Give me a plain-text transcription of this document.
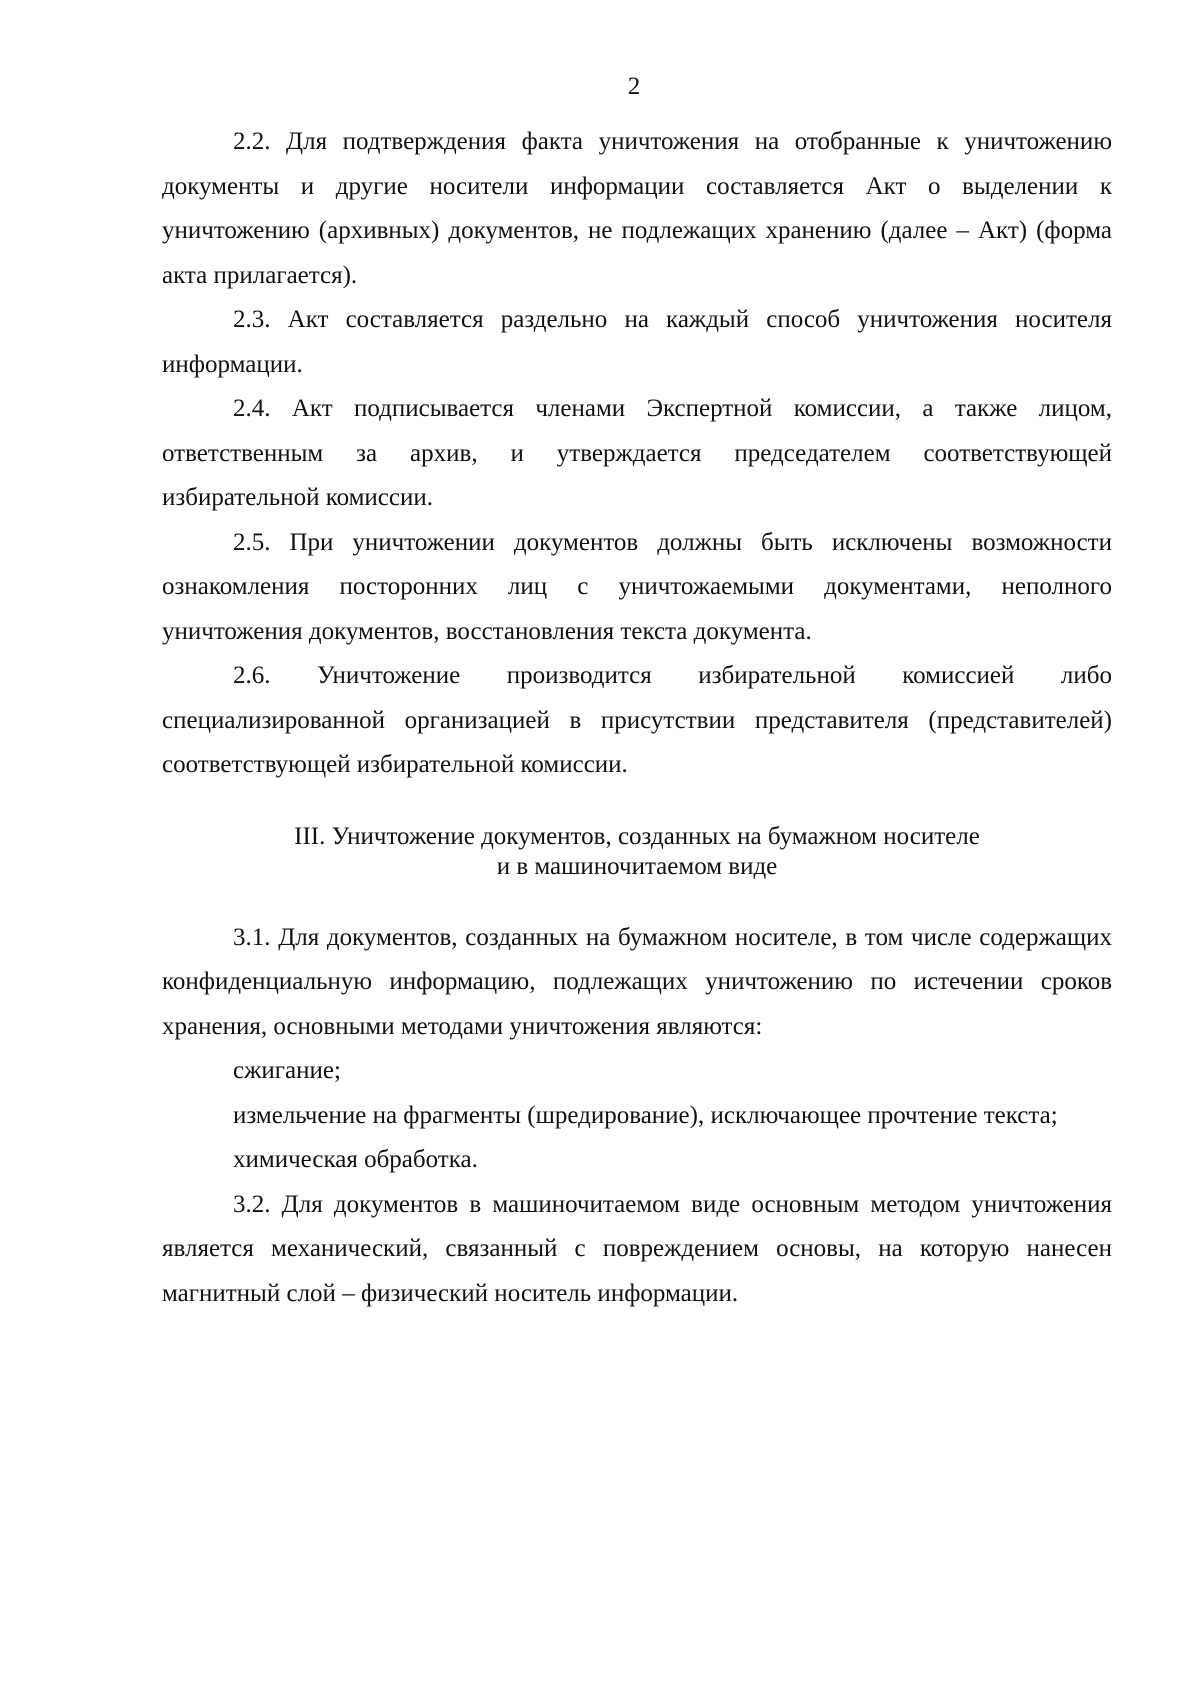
2

2.2. Для подтверждения факта уничтожения на отобранные к уничтожению документы и другие носители информации составляется Акт о выделении к уничтожению (архивных) документов, не подлежащих хранению (далее – Акт) (форма акта прилагается).

2.3. Акт составляется раздельно на каждый способ уничтожения носителя информации.

2.4. Акт подписывается членами Экспертной комиссии, а также лицом, ответственным за архив, и утверждается председателем соответствующей избирательной комиссии.

2.5. При уничтожении документов должны быть исключены возможности ознакомления посторонних лиц с уничтожаемыми документами, неполного уничтожения документов, восстановления текста документа.

2.6. Уничтожение производится избирательной комиссией либо специализированной организацией в присутствии представителя (представителей) соответствующей избирательной комиссии.

III. Уничтожение документов, созданных на бумажном носителе
и в машиночитаемом виде

3.1. Для документов, созданных на бумажном носителе, в том числе содержащих конфиденциальную информацию, подлежащих уничтожению по истечении сроков хранения, основными методами уничтожения являются:

сжигание;

измельчение на фрагменты (шредирование), исключающее прочтение текста;

химическая обработка.

3.2. Для документов в машиночитаемом виде основным методом уничтожения является механический, связанный с повреждением основы, на которую нанесен магнитный слой – физический носитель информации.
